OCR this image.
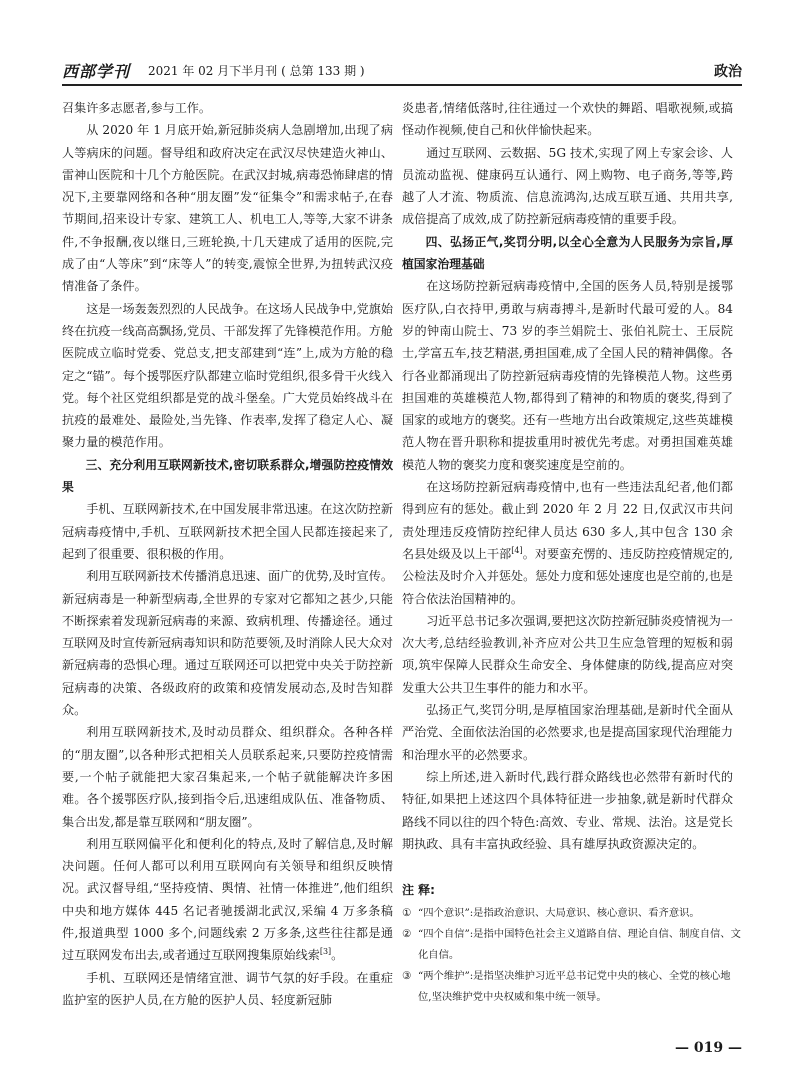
西部学刊 2021 年 02 月下半月刊 ( 总第 133 期 )	政治

召集许多志愿者,参与工作。

从 2020 年 1 月底开始,新冠肺炎病人急剧增加,出现了病人等病床的问题。督导组和政府决定在武汉尽快建造火神山、雷神山医院和十几个方舱医院。在武汉封城,病毒恐怖肆虐的情况下,主要靠网络和各种“朋友圈”发“征集令”和需求帖子,在春节期间,招来设计专家、建筑工人、机电工人,等等,大家不讲条件,不争报酬,夜以继日,三班轮换,十几天建成了适用的医院,完成了由“人等床”到“床等人”的转变,震惊全世界,为扭转武汉疫情准备了条件。

这是一场轰轰烈烈的人民战争。在这场人民战争中,党旗始终在抗疫一线高高飘扬,党员、干部发挥了先锋模范作用。方舱医院成立临时党委、党总支,把支部建到“连”上,成为方舱的稳定之“锚”。每个援鄂医疗队都建立临时党组织,很多骨干火线入党。每个社区党组织都是党的战斗堡垒。广大党员始终战斗在抗疫的最难处、最险处,当先锋、作表率,发挥了稳定人心、凝聚力量的模范作用。

三、充分利用互联网新技术,密切联系群众,增强防控疫情效果

手机、互联网新技术,在中国发展非常迅速。在这次防控新冠病毒疫情中,手机、互联网新技术把全国人民都连接起来了,起到了很重要、很积极的作用。

利用互联网新技术传播消息迅速、面广的优势,及时宣传。新冠病毒是一种新型病毒,全世界的专家对它都知之甚少,只能不断探索着发现新冠病毒的来源、致病机理、传播途径。通过互联网及时宣传新冠病毒知识和防范要领,及时消除人民大众对新冠病毒的恐惧心理。通过互联网还可以把党中央关于防控新冠病毒的决策、各级政府的政策和疫情发展动态,及时告知群众。

利用互联网新技术,及时动员群众、组织群众。各种各样的“朋友圈”,以各种形式把相关人员联系起来,只要防控疫情需要,一个帖子就能把大家召集起来,一个帖子就能解决许多困难。各个援鄂医疗队,接到指令后,迅速组成队伍、准备物质、集合出发,都是靠互联网和“朋友圈”。

利用互联网偏平化和便利化的特点,及时了解信息,及时解决问题。任何人都可以利用互联网向有关领导和组织反映情况。武汉督导组,“坚持疫情、舆情、社情一体推进”,他们组织中央和地方媒体 445 名记者驰援湖北武汉,采编 4 万多条稿件,报道典型 1000 多个,问题线索 2 万多条,这些往往都是通过互联网发布出去,或者通过互联网搜集原始线索[3]。

手机、互联网还是情绪宣泄、调节气氛的好手段。在重症监护室的医护人员,在方舱的医护人员、轻度新冠肺

炎患者,情绪低落时,往往通过一个欢快的舞蹈、唱歌视频,或搞怪动作视频,使自己和伙伴愉快起来。

通过互联网、云数据、5G 技术,实现了网上专家会诊、人员流动监视、健康码互认通行、网上购物、电子商务,等等,跨越了人才流、物质流、信息流鸿沟,达成互联互通、共用共享,成倍提高了成效,成了防控新冠病毒疫情的重要手段。

四、弘扬正气,奖罚分明,以全心全意为人民服务为宗旨,厚植国家治理基础

在这场防控新冠病毒疫情中,全国的医务人员,特别是援鄂医疗队,白衣持甲,勇敢与病毒搏斗,是新时代最可爱的人。84 岁的钟南山院士、73 岁的李兰娟院士、张伯礼院士、王辰院士,学富五车,技艺精湛,勇担国难,成了全国人民的精神偶像。各行各业都涌现出了防控新冠病毒疫情的先锋模范人物。这些勇担国难的英雄模范人物,都得到了精神的和物质的褒奖,得到了国家的或地方的褒奖。还有一些地方出台政策规定,这些英雄模范人物在晋升职称和提拔重用时被优先考虑。对勇担国难英雄模范人物的褒奖力度和褒奖速度是空前的。

在这场防控新冠病毒疫情中,也有一些违法乱纪者,他们都得到应有的惩处。截止到 2020 年 2 月 22 日,仅武汉市共问责处理违反疫情防控纪律人员达 630 多人,其中包含 130 余名县处级及以上干部[4]。对要蛮充愣的、违反防控疫情规定的,公检法及时介入并惩处。惩处力度和惩处速度也是空前的,也是符合依法治国精神的。

习近平总书记多次强调,要把这次防控新冠肺炎疫情视为一次大考,总结经验教训,补齐应对公共卫生应急管理的短板和弱项,筑牢保障人民群众生命安全、身体健康的防线,提高应对突发重大公共卫生事件的能力和水平。

弘扬正气,奖罚分明,是厚植国家治理基础,是新时代全面从严治党、全面依法治国的必然要求,也是提高国家现代治理能力和治理水平的必然要求。

综上所述,进入新时代,践行群众路线也必然带有新时代的特征,如果把上述这四个具体特征进一步抽象,就是新时代群众路线不同以往的四个特色:高效、专业、常规、法治。这是党长期执政、具有丰富执政经验、具有雄厚执政资源决定的。

注 释:
① “四个意识”:是指政治意识、大局意识、核心意识、看齐意识。
② “四个自信”:是指中国特色社会主义道路自信、理论自信、制度自信、文化自信。
③ “两个维护”:是指坚决维护习近平总书记党中央的核心、全党的核心地位,坚决维护党中央权威和集中统一领导。
— 019 —
